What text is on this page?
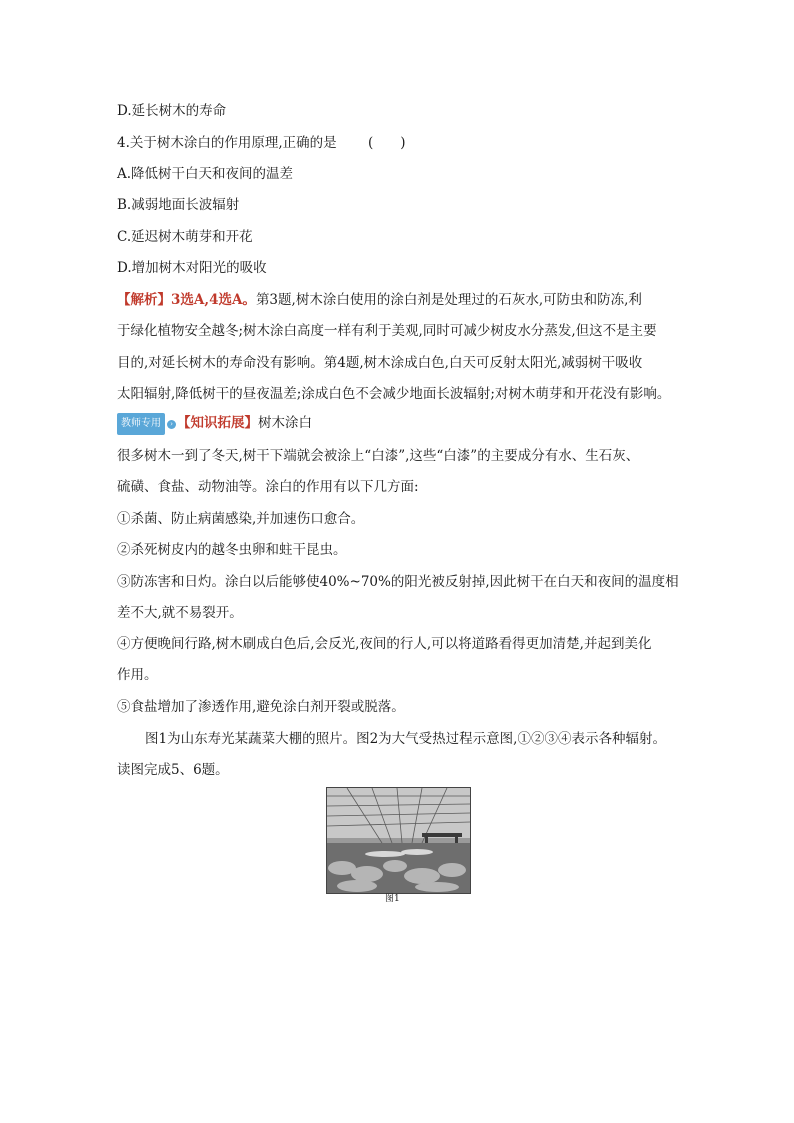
D.延长树木的寿命
4.关于树木涂白的作用原理,正确的是 (　　)
A.降低树干白天和夜间的温差
B.减弱地面长波辐射
C.延迟树木萌芽和开花
D.增加树木对阳光的吸收
【解析】3选A,4选A。第3题,树木涂白使用的涂白剂是处理过的石灰水,可防虫和防冻,利
于绿化植物安全越冬;树木涂白高度一样有利于美观,同时可减少树皮水分蒸发,但这不是主要
目的,对延长树木的寿命没有影响。第4题,树木涂成白色,白天可反射太阳光,减弱树干吸收
太阳辐射,降低树干的昼夜温差;涂成白色不会减少地面长波辐射;对树木萌芽和开花没有影响。
教师专用 › 【知识拓展】树木涂白
很多树木一到了冬天,树干下端就会被涂上“白漆”,这些“白漆”的主要成分有水、生石灰、
硫磺、食盐、动物油等。涂白的作用有以下几方面:
①杀菌、防止病菌感染,并加速伤口愈合。
②杀死树皮内的越冬虫卵和蛀干昆虫。
③防冻害和日灼。涂白以后能够使40%~70%的阳光被反射掉,因此树干在白天和夜间的温度相
差不大,就不易裂开。
④方便晚间行路,树木刷成白色后,会反光,夜间的行人,可以将道路看得更加清楚,并起到美化
作用。
⑤食盐增加了渗透作用,避免涂白剂开裂或脱落。
图1为山东寿光某蔬菜大棚的照片。图2为大气受热过程示意图,①②③④表示各种辐射。
读图完成5、6题。
图1
